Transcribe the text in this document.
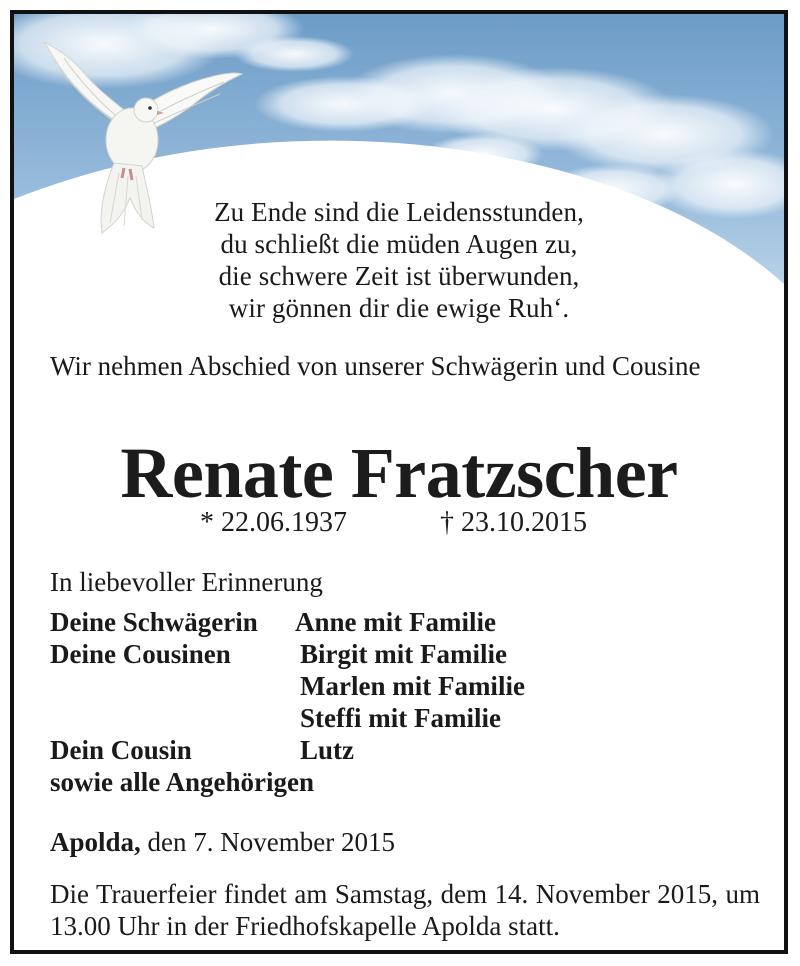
Zu Ende sind die Leidensstunden,
du schließt die müden Augen zu,
die schwere Zeit ist überwunden,
wir gönnen dir die ewige Ruh‘.
Wir nehmen Abschied von unserer Schwägerin und Cousine
Renate Fratzscher
* 22.06.1937	† 23.10.2015
In liebevoller Erinnerung
Deine Schwägerin Anne mit Familie
Deine Cousinen	Birgit mit Familie
Marlen mit Familie
Steffi mit Familie
Dein Cousin	Lutz
sowie alle Angehörigen
Apolda, den 7. November 2015
Die Trauerfeier findet am Samstag, dem 14. November 2015, um 13.00 Uhr in der Friedhofskapelle Apolda statt.
